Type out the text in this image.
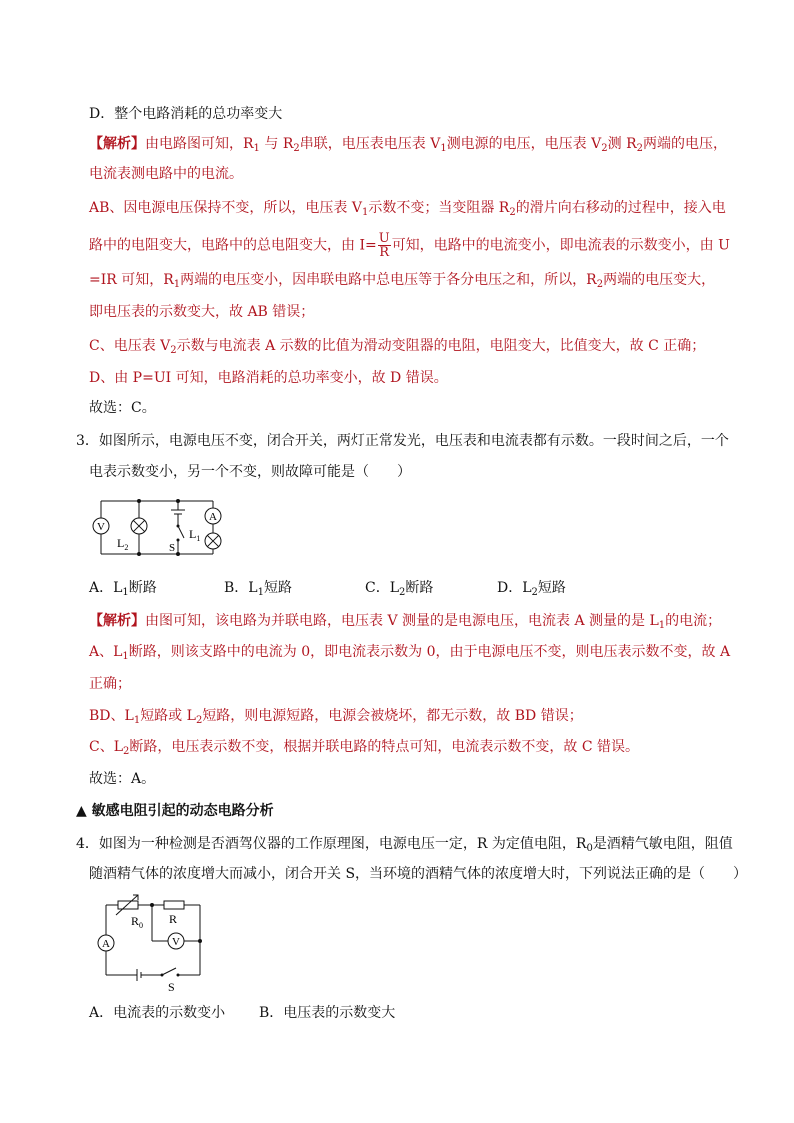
D．整个电路消耗的总功率变大
【解析】由电路图可知，$R_1$ 与 $R_2$串联，电压表电压表 $V_1$测电源的电压，电压表 $V_2$测 $R_2$两端的电压，
电流表测电路中的电流。
AB、因电源电压保持不变，所以，电压表 $V_1$示数不变；当变阻器 $R_2$的滑片向右移动的过程中，接入电
路中的电阻变大，电路中的总电阻变大，由 $I= \frac{U}{R}$ 可知，电路中的电流变小，即电流表的示数变小，由 U
=IR 可知，$R_1$两端的电压变小，因串联电路中总电压等于各分电压之和，所以，$R_2$两端的电压变大，
即电压表的示数变大，故 AB 错误；
C、电压表 $V_2$示数与电流表 A 示数的比值为滑动变阻器的电阻，电阻变大，比值变大，故 C 正确；
D、由 P=UI 可知，电路消耗的总功率变小，故 D 错误。
故选：C。
3．如图所示，电源电压不变，闭合开关，两灯正常发光，电压表和电流表都有示数。一段时间之后，一个
电表示数变小，另一个不变，则故障可能是（　　）
V
A
$L_2$
$L_1$
S
A．$L_1$断路	B．$L_1$短路	C．$L_2$断路	D．$L_2$短路
【解析】由图可知，该电路为并联电路，电压表 V 测量的是电源电压，电流表 A 测量的是 $L_1$的电流；
A、$L_1$断路，则该支路中的电流为 0，即电流表示数为 0，由于电源电压不变，则电压表示数不变，故 A
正确；
BD、$L_1$短路或 $L_2$短路，则电源短路，电源会被烧坏，都无示数，故 BD 错误；
C、$L_2$断路，电压表示数不变，根据并联电路的特点可知，电流表示数不变，故 C 错误。
故选：A。
▲ 敏感电阻引起的动态电路分析
4．如图为一种检测是否酒驾仪器的工作原理图，电源电压一定，R 为定值电阻，$R_0$是酒精气敏电阻，阻值
随酒精气体的浓度增大而减小，闭合开关 S，当环境的酒精气体的浓度增大时，下列说法正确的是（　　）
A	V
R
$R_0$
S
A．电流表的示数变小 B．电压表的示数变大
